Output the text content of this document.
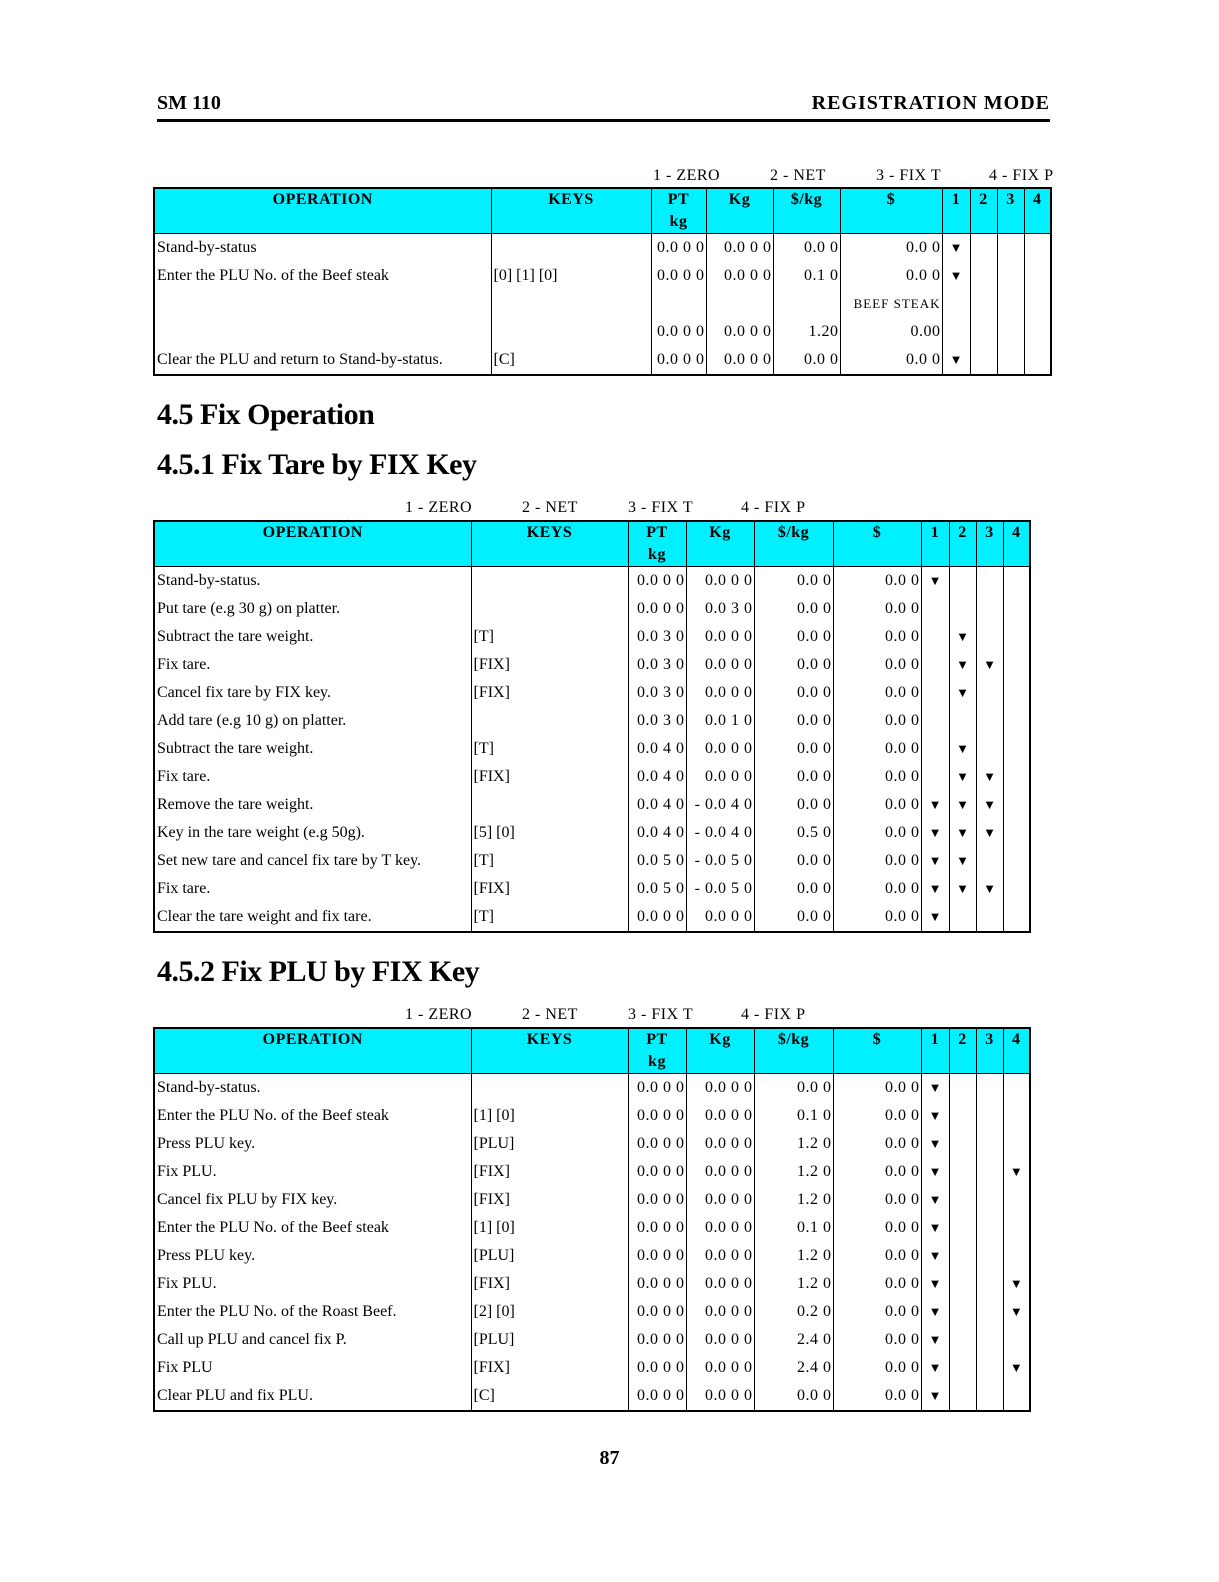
SM 110	REGISTRATION MODE
1 - ZERO	2 - NET	3 - FIX T	4 - FIX P
OPERATION	KEYS	PT
kg	Kg	$/kg	$	1	2	3	4
Stand-by-status		0.0 0 0	0.0 0 0	0.0 0	0.0 0	▼			
Enter the PLU No. of the Beef steak	[0] [1] [0]	0.0 0 0	0.0 0 0	0.1 0	0.0 0	▼			
					BEEF STEAK				
		0.0 0 0	0.0 0 0	1.20	0.00				
Clear the PLU and return to Stand-by-status.	[C]	0.0 0 0	0.0 0 0	0.0 0	0.0 0	▼			
4.5 Fix Operation
4.5.1 Fix Tare by FIX Key
1 - ZERO	2 - NET	3 - FIX T	4 - FIX P
OPERATION	KEYS	PT
kg	Kg	$/kg	$	1	2	3	4
Stand-by-status.		0.0 0 0	0.0 0 0	0.0 0	0.0 0	▼			
Put tare (e.g 30 g) on platter.		0.0 0 0	0.0 3 0	0.0 0	0.0 0				
Subtract the tare weight.	[T]	0.0 3 0	0.0 0 0	0.0 0	0.0 0		▼		
Fix tare.	[FIX]	0.0 3 0	0.0 0 0	0.0 0	0.0 0		▼	▼	
Cancel fix tare by FIX key.	[FIX]	0.0 3 0	0.0 0 0	0.0 0	0.0 0		▼		
Add tare (e.g 10 g) on platter.		0.0 3 0	0.0 1 0	0.0 0	0.0 0				
Subtract the tare weight.	[T]	0.0 4 0	0.0 0 0	0.0 0	0.0 0		▼		
Fix tare.	[FIX]	0.0 4 0	0.0 0 0	0.0 0	0.0 0		▼	▼	
Remove the tare weight.		0.0 4 0	- 0.0 4 0	0.0 0	0.0 0	▼	▼	▼	
Key in the tare weight (e.g 50g).	[5] [0]	0.0 4 0	- 0.0 4 0	0.5 0	0.0 0	▼	▼	▼	
Set new tare and cancel fix tare by T key.	[T]	0.0 5 0	- 0.0 5 0	0.0 0	0.0 0	▼	▼		
Fix tare.	[FIX]	0.0 5 0	- 0.0 5 0	0.0 0	0.0 0	▼	▼	▼	
Clear the tare weight and fix tare.	[T]	0.0 0 0	0.0 0 0	0.0 0	0.0 0	▼			
4.5.2 Fix PLU by FIX Key
1 - ZERO	2 - NET	3 - FIX T	4 - FIX P
OPERATION	KEYS	PT
kg	Kg	$/kg	$	1	2	3	4
Stand-by-status.		0.0 0 0	0.0 0 0	0.0 0	0.0 0	▼			
Enter the PLU No. of the Beef steak	[1] [0]	0.0 0 0	0.0 0 0	0.1 0	0.0 0	▼			
Press PLU key.	[PLU]	0.0 0 0	0.0 0 0	1.2 0	0.0 0	▼			
Fix PLU.	[FIX]	0.0 0 0	0.0 0 0	1.2 0	0.0 0	▼			▼
Cancel fix PLU by FIX key.	[FIX]	0.0 0 0	0.0 0 0	1.2 0	0.0 0	▼			
Enter the PLU No. of the Beef steak	[1] [0]	0.0 0 0	0.0 0 0	0.1 0	0.0 0	▼			
Press PLU key.	[PLU]	0.0 0 0	0.0 0 0	1.2 0	0.0 0	▼			
Fix PLU.	[FIX]	0.0 0 0	0.0 0 0	1.2 0	0.0 0	▼			▼
Enter the PLU No. of the Roast Beef.	[2] [0]	0.0 0 0	0.0 0 0	0.2 0	0.0 0	▼			▼
Call up PLU and cancel fix P.	[PLU]	0.0 0 0	0.0 0 0	2.4 0	0.0 0	▼			
Fix PLU	[FIX]	0.0 0 0	0.0 0 0	2.4 0	0.0 0	▼			▼
Clear PLU and fix PLU.	[C]	0.0 0 0	0.0 0 0	0.0 0	0.0 0	▼			
87
